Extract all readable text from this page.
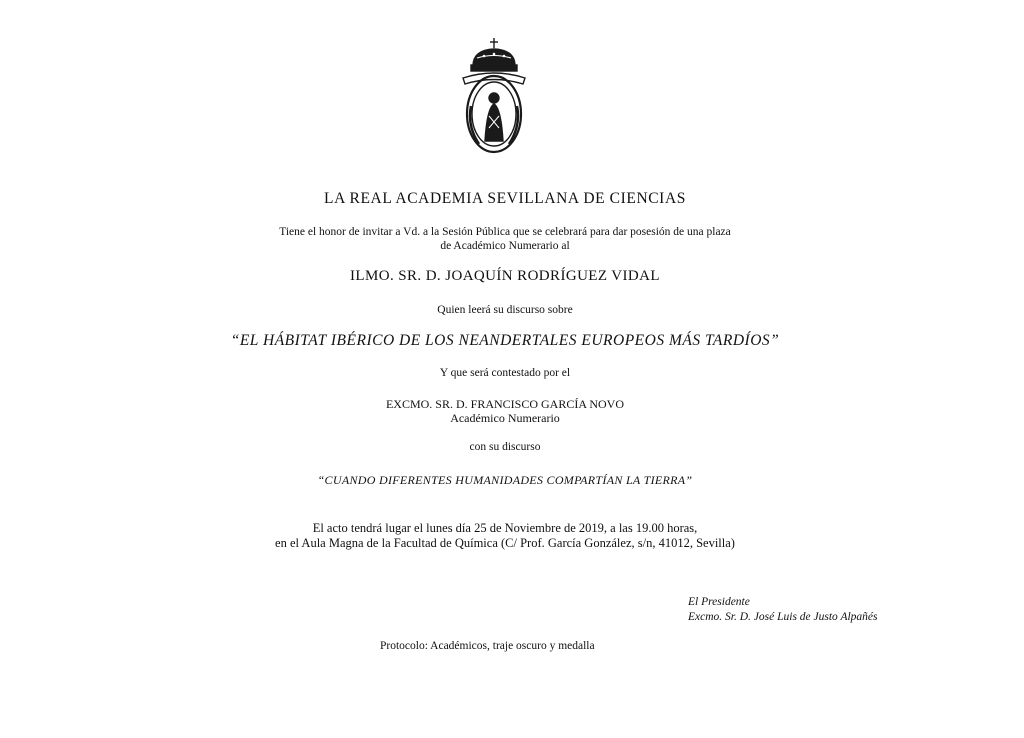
LA REAL ACADEMIA SEVILLANA DE CIENCIAS
Tiene el honor de invitar a Vd. a la Sesión Pública que se celebrará para dar posesión de una plaza
de Académico Numerario al
ILMO. SR. D. JOAQUÍN RODRÍGUEZ VIDAL
Quien leerá su discurso sobre
“EL HÁBITAT IBÉRICO DE LOS NEANDERTALES EUROPEOS MÁS TARDÍOS”
Y que será contestado por el
EXCMO. SR. D. FRANCISCO GARCÍA NOVO
Académico Numerario
con su discurso
“CUANDO DIFERENTES HUMANIDADES COMPARTÍAN LA TIERRA”
El acto tendrá lugar el lunes día 25 de Noviembre de 2019, a las 19.00 horas,
en el Aula Magna de la Facultad de Química (C/ Prof. García González, s/n, 41012, Sevilla)
El Presidente
Excmo. Sr. D. José Luis de Justo Alpañés
Protocolo: Académicos, traje oscuro y medalla
